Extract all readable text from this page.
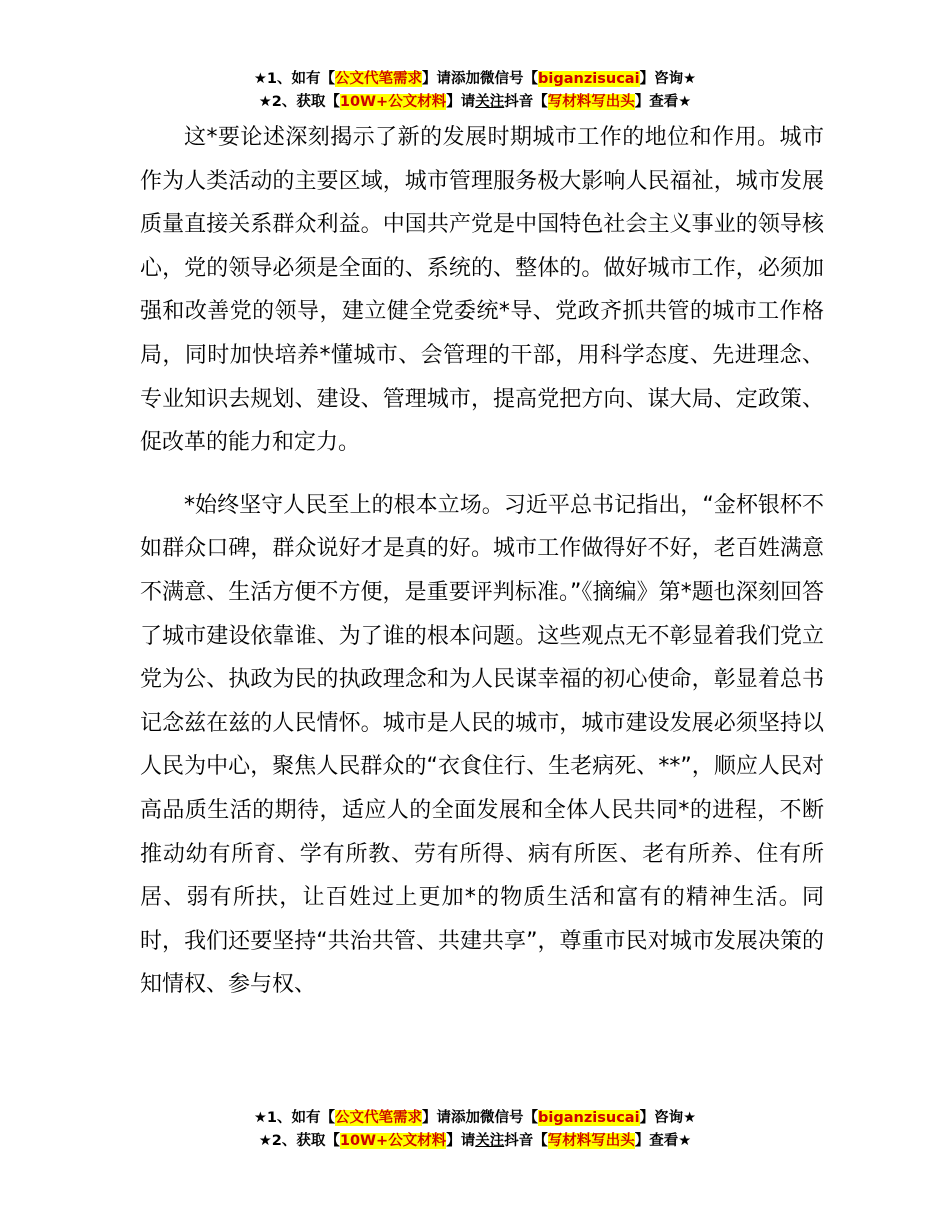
★1、如有【公文代笔需求】请添加微信号【biganzisucai】咨询★
★2、获取【10W+公文材料】请关注抖音【写材料写出头】查看★

这*要论述深刻揭示了新的发展时期城市工作的地位和作用。城市作为人类活动的主要区域，城市管理服务极大影响人民福祉，城市发展质量直接关系群众利益。中国共产党是中国特色社会主义事业的领导核心，党的领导必须是全面的、系统的、整体的。做好城市工作，必须加强和改善党的领导，建立健全党委统*导、党政齐抓共管的城市工作格局，同时加快培养*懂城市、会管理的干部，用科学态度、先进理念、专业知识去规划、建设、管理城市，提高党把方向、谋大局、定政策、促改革的能力和定力。

*始终坚守人民至上的根本立场。习近平总书记指出，“金杯银杯不如群众口碑，群众说好才是真的好。城市工作做得好不好，老百姓满意不满意、生活方便不方便，是重要评判标准。”《摘编》第*题也深刻回答了城市建设依靠谁、为了谁的根本问题。这些观点无不彰显着我们党立党为公、执政为民的执政理念和为人民谋幸福的初心使命，彰显着总书记念兹在兹的人民情怀。城市是人民的城市，城市建设发展必须坚持以人民为中心，聚焦人民群众的“衣食住行、生老病死、**”，顺应人民对高品质生活的期待，适应人的全面发展和全体人民共同*的进程，不断推动幼有所育、学有所教、劳有所得、病有所医、老有所养、住有所居、弱有所扶，让百姓过上更加*的物质生活和富有的精神生活。同时，我们还要坚持“共治共管、共建共享”，尊重市民对城市发展决策的知情权、参与权、

★1、如有【公文代笔需求】请添加微信号【biganzisucai】咨询★
★2、获取【10W+公文材料】请关注抖音【写材料写出头】查看★
